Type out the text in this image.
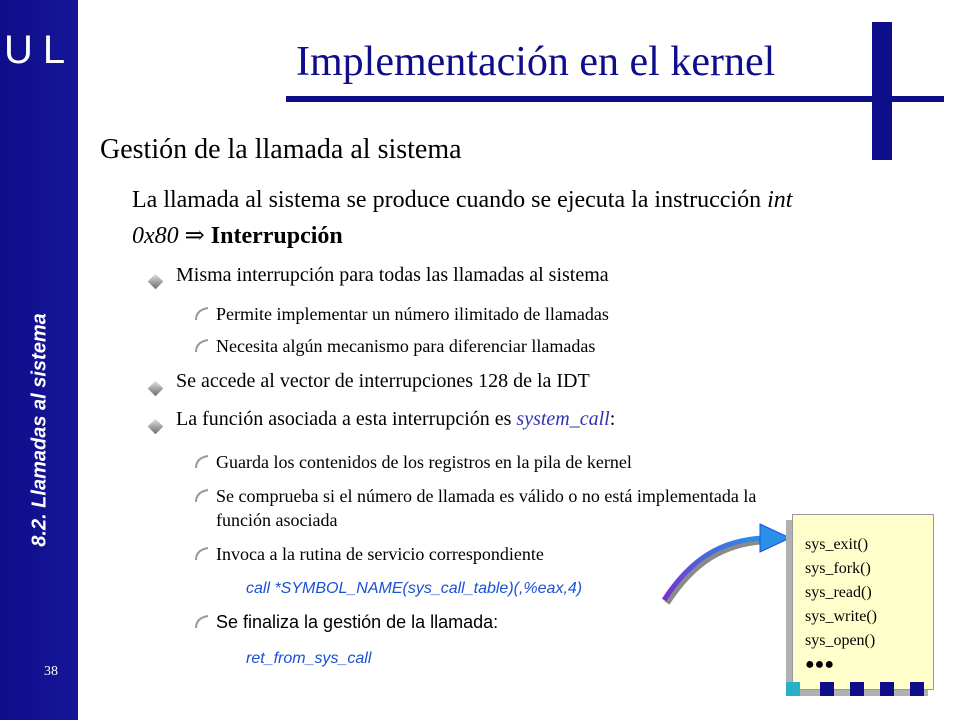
ULL
8.2. Llamadas al sistema
38
Implementación en el kernel
Gestión de la llamada al sistema
La llamada al sistema se produce cuando se ejecuta la instrucción int 0x80 ⇒ Interrupción
Misma interrupción para todas las llamadas al sistema
Permite implementar un número ilimitado de llamadas
Necesita algún mecanismo para diferenciar llamadas
Se accede al vector de interrupciones 128 de la IDT
La función asociada a esta interrupción es system_call:
Guarda los contenidos de los registros en la pila de kernel
Se comprueba si el número de llamada es válido o no está implementada la función asociada
Invoca a la rutina de servicio correspondiente
call *SYMBOL_NAME(sys_call_table)(,%eax,4)
Se finaliza la gestión de la llamada:
ret_from_sys_call
sys_exit()
sys_fork()
sys_read()
sys_write()
sys_open()
●●●
